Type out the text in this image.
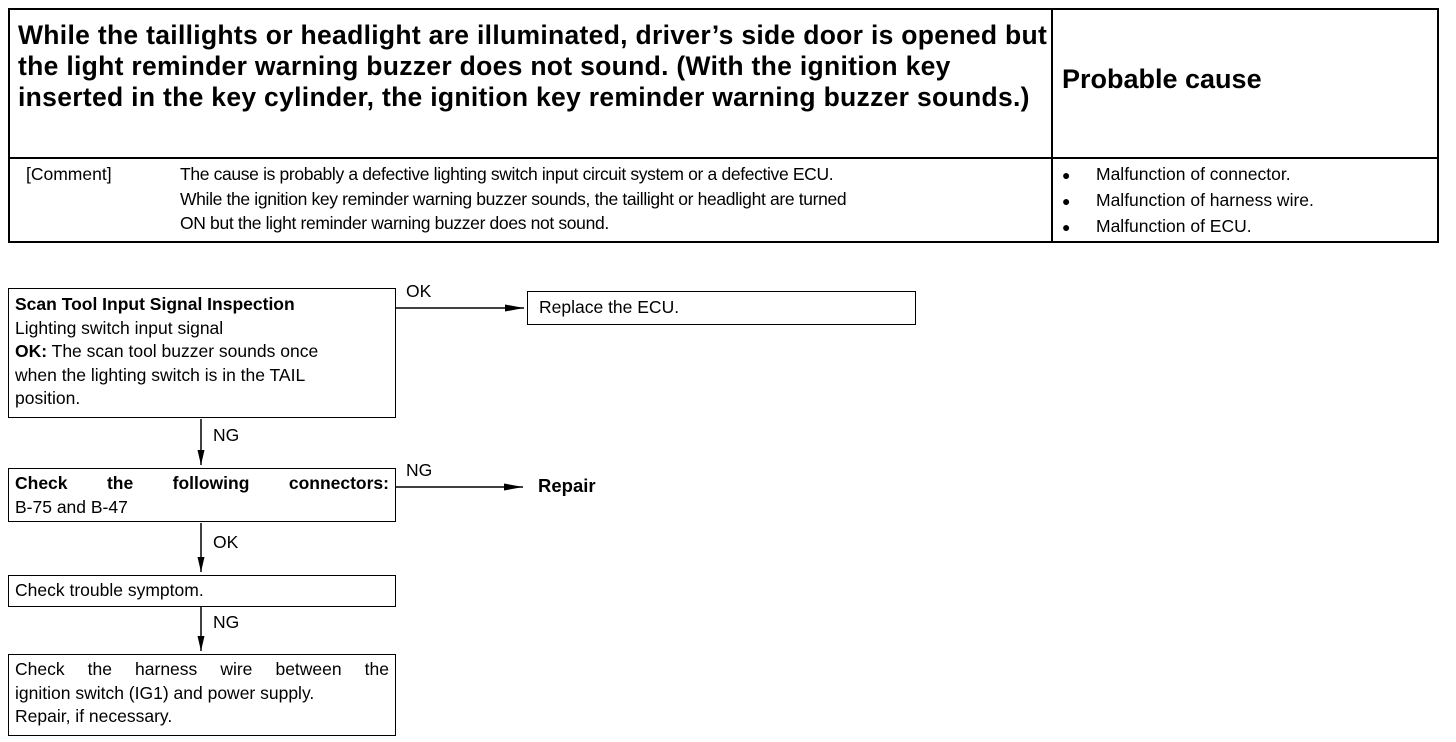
While the taillights or headlight are illuminated, driver’s side door is opened but the light reminder warning buzzer does not sound. (With the ignition key inserted in the key cylinder, the ignition key reminder warning buzzer sounds.)
Probable cause
[Comment]	The cause is probably a defective lighting switch input circuit system or a defective ECU.
While the ignition key reminder warning buzzer sounds, the taillight or headlight are turned
ON but the light reminder warning buzzer does not sound.
● Malfunction of connector.
● Malfunction of harness wire.
● Malfunction of ECU.
Scan Tool Input Signal Inspection
Lighting switch input signal
OK: The scan tool buzzer sounds once
when the lighting switch is in the TAIL
position.
OK
Replace the ECU.
NG
Check the following connectors:
B-75 and B-47
NG
Repair
OK
Check trouble symptom.
NG
Check the harness wire between the
ignition switch (IG1) and power supply.
Repair, if necessary.
